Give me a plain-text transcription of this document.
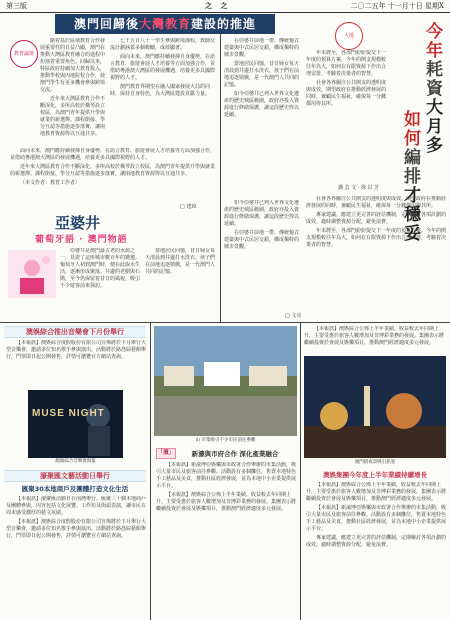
第三版	之 之	二〇二五年 十一月十日 星期X
澳門回歸後大灣教育建設的推進
教育論壇

隨着基於區域教育合作發展重要性的日益凸顯，澳門在推動大灣區教育融合的進程中扮演着重要角色。回歸以來，特區政府持續加大教育投入，推動學校與內地院校合作，使澳門學生有更多機會參與跨境交流。

近年來大灣區教育合作不斷深化，多所高校於橫琴設立校區，為澳門青年提供升學與就業的新選擇。課程銜接、學分互認等措施逐步落實，讓兩地教育資源得以互通共享。

七千五百八十一學生參與跨境課程，教師交流計劃涵蓋多個範疇，成效顯著。

面向未來，澳門應持續發揮自身優勢，在語言教育、旅遊會展人才培養等方面加強合作，並借助粵港澳大灣區的發展機遇，培養更多具國際視野的人才。

澳門教育界期望在融入國家發展大局的同時，保持自身特色，為大灣區建設貢獻力量。

面向未來，澳門應持續發揮自身優勢，在語言教育、旅遊會展人才培養等方面加強合作，並借助粵港澳大灣區的發展機遇，培養更多具國際視野的人才。

近年來大灣區教育合作不斷深化，多所高校於橫琴設立校區，為澳門青年提供升學與就業的新選擇。課程銜接、學分互認等措施逐步落實，讓兩地教育資源得以互通共享。

（本文作者：教育工作者）

□ 建璋
亞婆井
葡萄牙語 · 澳門物語

亞婆井是澳門最古老的水源之一，見證了這座城市數百年的變遷。葡萄牙人初到澳門時，便在此取水生活，逐漸形成聚落。井邊的老樹與石階，至今仍保留着昔日的風貌，吸引不少遊客前來探訪。

當地居民回憶，昔日婦女每天清晨到井邊打水洗衣，孩子們在前地追逐嬉戲，是一代澳門人共同的記憶。

在亞婆井前地一帶，傳統葡式建築與中式民居交錯，構成獨特的城市景觀。

當地居民回憶，昔日婦女每天清晨到井邊打水洗衣，孩子們在前地追逐嬉戲，是一代澳門人共同的記憶。

如今亞婆井已列入世界文化遺產的歷史城區範圍，政府亦投入資源進行修繕保護，讓這段歷史得以延續。

如今亞婆井已列入世界文化遺產的歷史城區範圍，政府亦投入資源進行修繕保護，讓這段歷史得以延續。

在亞婆井前地一帶，傳統葡式建築與中式民居交錯，構成獨特的城市景觀。

□ 文亮
大地	今年耗資大月多
如何編排才穩妥
講 芸 文 · 徐 以 芳

年末將至，各部門紛紛提交下一年度的預算方案。今年的開支規模較往年為大，如何在有限資源下作出合理安排，考驗着決策者的智慧。

社會各界關注公共開支的透明度與成效，期望政府在推動經濟發展的同時，兼顧民生福祉，確保每一分錢都用得其所。

社會各界關注公共開支的透明度與成效，期望政府在推動經濟發展的同時，兼顧民生福祉，確保每一分錢都用得其所。

專家建議，應建立更完善的評估機制，定期檢討各項計劃的成效，適時調整資源分配，避免浪費。

年末將至，各部門紛紛提交下一年度的預算方案。今年的開支規模較往年為大，如何在有限資源下作出合理安排，考驗着決策者的智慧。

澳娛綜合推出音樂會下月份舉行

【本報訊】澳娛綜合度假股份有限公司宣佈將於下月舉行大型音樂會，邀請多位知名歌手參與演出。活動將於路氹綜藝館舉行，門票即日起公開發售，詳情可瀏覽官方網站查詢。

MUSE NIGHT
澳娛綜合音樂會海報
濠聚匯文藝活動日舉行
匯聚30本地商戶及團體打造文化生活

【本報訊】濠聚匯活動日在南灣舉行，匯聚三十個本地商戶及團體參與，內容包括文化展覽、工作坊及街頭表演，讓市民在周末感受濃厚的藝文氛圍。

【本報訊】澳娛綜合度假股份有限公司宣佈將於下月舉行大型音樂會，邀請多位知名歌手參與演出。活動將於路氹綜藝館舉行，門票即日起公開發售，詳情可瀏覽官方網站查詢。

山 市集吸引不少市民前往參觀
「濱」	新濠與市府合作 深化產業融合

【本報訊】新濠博亞娛樂與市政署合作舉辦的市集活動，吸引大量市民及旅客前往參觀。活動設有多個攤位，售賣本地特色手工藝品及美食，推動社區經濟發展，並為本地中小企業提供展示平台。

【本報訊】澳娛綜合公佈上半年業績，收益較去年同期上升，主要受惠於旅客人數增加及非博彩業務的發展。集團表示將繼續投資於會展及娛樂項目，推動澳門經濟適度多元發展。

【本報訊】澳娛綜合公佈上半年業績，收益較去年同期上升，主要受惠於旅客人數增加及非博彩業務的發展。集團表示將繼續投資於會展及娛樂項目，推動澳門經濟適度多元發展。

澳門塔夜景吸引旅客
澳娛集團今年度上半年業績持續增長

【本報訊】澳娛綜合公佈上半年業績，收益較去年同期上升，主要受惠於旅客人數增加及非博彩業務的發展。集團表示將繼續投資於會展及娛樂項目，推動澳門經濟適度多元發展。

【本報訊】新濠博亞娛樂與市政署合作舉辦的市集活動，吸引大量市民及旅客前往參觀。活動設有多個攤位，售賣本地特色手工藝品及美食，推動社區經濟發展，並為本地中小企業提供展示平台。

專家建議，應建立更完善的評估機制，定期檢討各項計劃的成效，適時調整資源分配，避免浪費。
